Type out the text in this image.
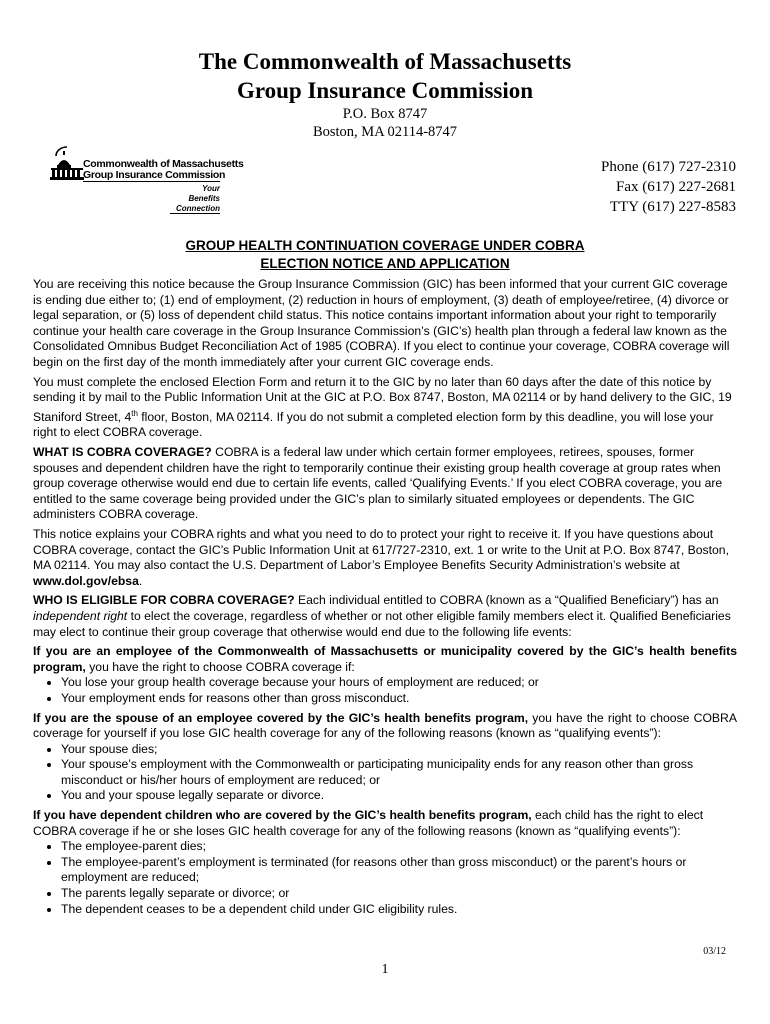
The Commonwealth of Massachusetts
Group Insurance Commission
P.O. Box 8747
Boston, MA 02114-8747
Commonwealth of Massachusetts
Group Insurance Commission
Your
Benefits
Connection
Phone (617) 727-2310
Fax (617) 227-2681
TTY (617) 227-8583
GROUP HEALTH CONTINUATION COVERAGE UNDER COBRA
ELECTION NOTICE AND APPLICATION

You are receiving this notice because the Group Insurance Commission (GIC) has been informed that your current GIC coverage is ending due either to; (1) end of employment, (2) reduction in hours of employment, (3) death of employee/retiree, (4) divorce or legal separation, or (5) loss of dependent child status. This notice contains important information about your right to temporarily continue your health care coverage in the Group Insurance Commission’s (GIC’s) health plan through a federal law known as the Consolidated Omnibus Budget Reconciliation Act of 1985 (COBRA). If you elect to continue your coverage, COBRA coverage will begin on the first day of the month immediately after your current GIC coverage ends.

You must complete the enclosed Election Form and return it to the GIC by no later than 60 days after the date of this notice by sending it by mail to the Public Information Unit at the GIC at P.O. Box 8747, Boston, MA 02114 or by hand delivery to the GIC, 19 Staniford Street, 4th floor, Boston, MA 02114. If you do not submit a completed election form by this deadline, you will lose your right to elect COBRA coverage.

WHAT IS COBRA COVERAGE? COBRA is a federal law under which certain former employees, retirees, spouses, former spouses and dependent children have the right to temporarily continue their existing group health coverage at group rates when group coverage otherwise would end due to certain life events, called ‘Qualifying Events.’ If you elect COBRA coverage, you are entitled to the same coverage being provided under the GIC’s plan to similarly situated employees or dependents. The GIC administers COBRA coverage.

This notice explains your COBRA rights and what you need to do to protect your right to receive it. If you have questions about COBRA coverage, contact the GIC’s Public Information Unit at 617/727-2310, ext. 1 or write to the Unit at P.O. Box 8747, Boston, MA 02114. You may also contact the U.S. Department of Labor’s Employee Benefits Security Administration’s website at www.dol.gov/ebsa.

WHO IS ELIGIBLE FOR COBRA COVERAGE? Each individual entitled to COBRA (known as a “Qualified Beneficiary”) has an independent right to elect the coverage, regardless of whether or not other eligible family members elect it. Qualified Beneficiaries may elect to continue their group coverage that otherwise would end due to the following life events:

If you are an employee of the Commonwealth of Massachusetts or municipality covered by the GIC’s health benefits program, you have the right to choose COBRA coverage if:

• You lose your group health coverage because your hours of employment are reduced; or
• Your employment ends for reasons other than gross misconduct.

If you are the spouse of an employee covered by the GIC’s health benefits program, you have the right to choose COBRA coverage for yourself if you lose GIC health coverage for any of the following reasons (known as “qualifying events”):

• Your spouse dies;
• Your spouse’s employment with the Commonwealth or participating municipality ends for any reason other than gross misconduct or his/her hours of employment are reduced; or
• You and your spouse legally separate or divorce.

If you have dependent children who are covered by the GIC’s health benefits program, each child has the right to elect COBRA coverage if he or she loses GIC health coverage for any of the following reasons (known as “qualifying events”):

• The employee-parent dies;
• The employee-parent’s employment is terminated (for reasons other than gross misconduct) or the parent’s hours or employment are reduced;
• The parents legally separate or divorce; or
• The dependent ceases to be a dependent child under GIC eligibility rules.
03/12
1
